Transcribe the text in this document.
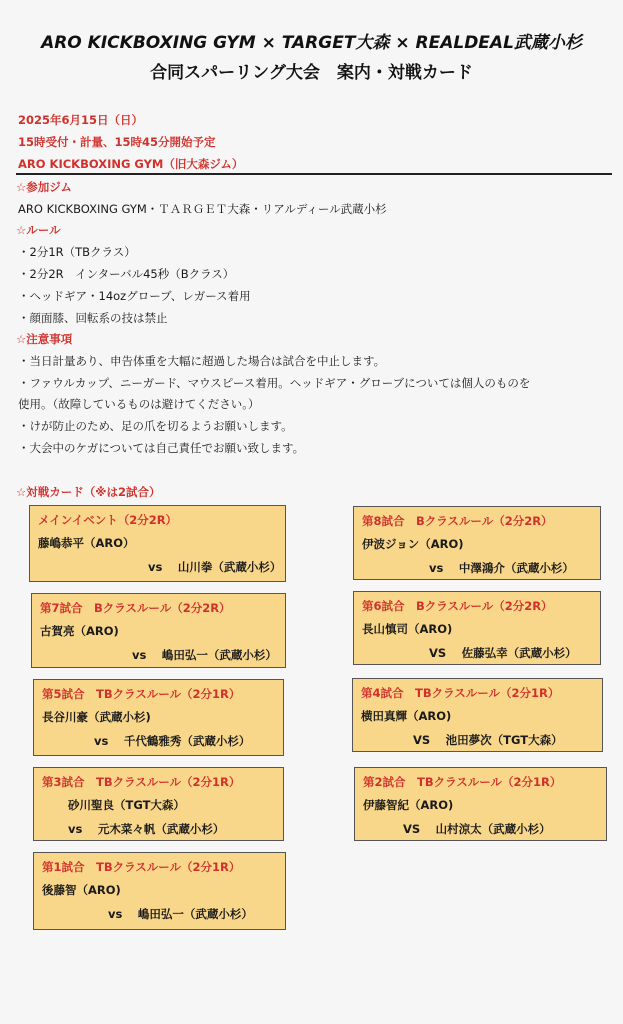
ARO KICKBOXING GYM × TARGET大森 × REALDEAL武蔵小杉
合同スパーリング大会　案内・対戦カード
2025年6月15日（日）
15時受付・計量、15時45分開始予定
ARO KICKBOXING GYM（旧大森ジム）
☆参加ジム
ARO KICKBOXING GYM・ＴＡＲＧＥＴ大森・リアルディール武蔵小杉
☆ルール
・2分1R（TBクラス）
・2分2R　インターバル45秒（Bクラス）
・ヘッドギア・14ozグローブ、レガース着用
・顔面膝、回転系の技は禁止
☆注意事項
・当日計量あり、申告体重を大幅に超過した場合は試合を中止します。
・ファウルカップ、ニーガード、マウスピース着用。ヘッドギア・グローブについては個人のものを
使用。（故障しているものは避けてください。）
・けが防止のため、足の爪を切るようお願いします。
・大会中のケガについては自己責任でお願い致します。
☆対戦カード（※は2試合）
メインイベント（2分2R）
藤嶋恭平（ARO）
vs　 山川拳（武蔵小杉）
第7試合　Bクラスルール（2分2R）
古賀亮（ARO)
vs　 嶋田弘一（武蔵小杉）
第5試合　TBクラスルール（2分1R）
長谷川豪（武蔵小杉)
vs　 千代鶴雅秀（武蔵小杉）
第3試合　TBクラスルール（2分1R）
砂川聖良（TGT大森）
vs　 元木菜々帆（武蔵小杉）
第1試合　TBクラスルール（2分1R）
後藤智（ARO)
vs　 嶋田弘一（武蔵小杉）
第8試合　Bクラスルール（2分2R）
伊波ジョン（ARO)
vs　 中澤鴻介（武蔵小杉）
第6試合　Bクラスルール（2分2R）
長山慎司（ARO)
VS　 佐藤弘幸（武蔵小杉）
第4試合　TBクラスルール（2分1R）
横田真輝（ARO)
VS　 池田夢次（TGT大森）
第2試合　TBクラスルール（2分1R）
伊藤智紀（ARO)
VS　 山村涼太（武蔵小杉）
